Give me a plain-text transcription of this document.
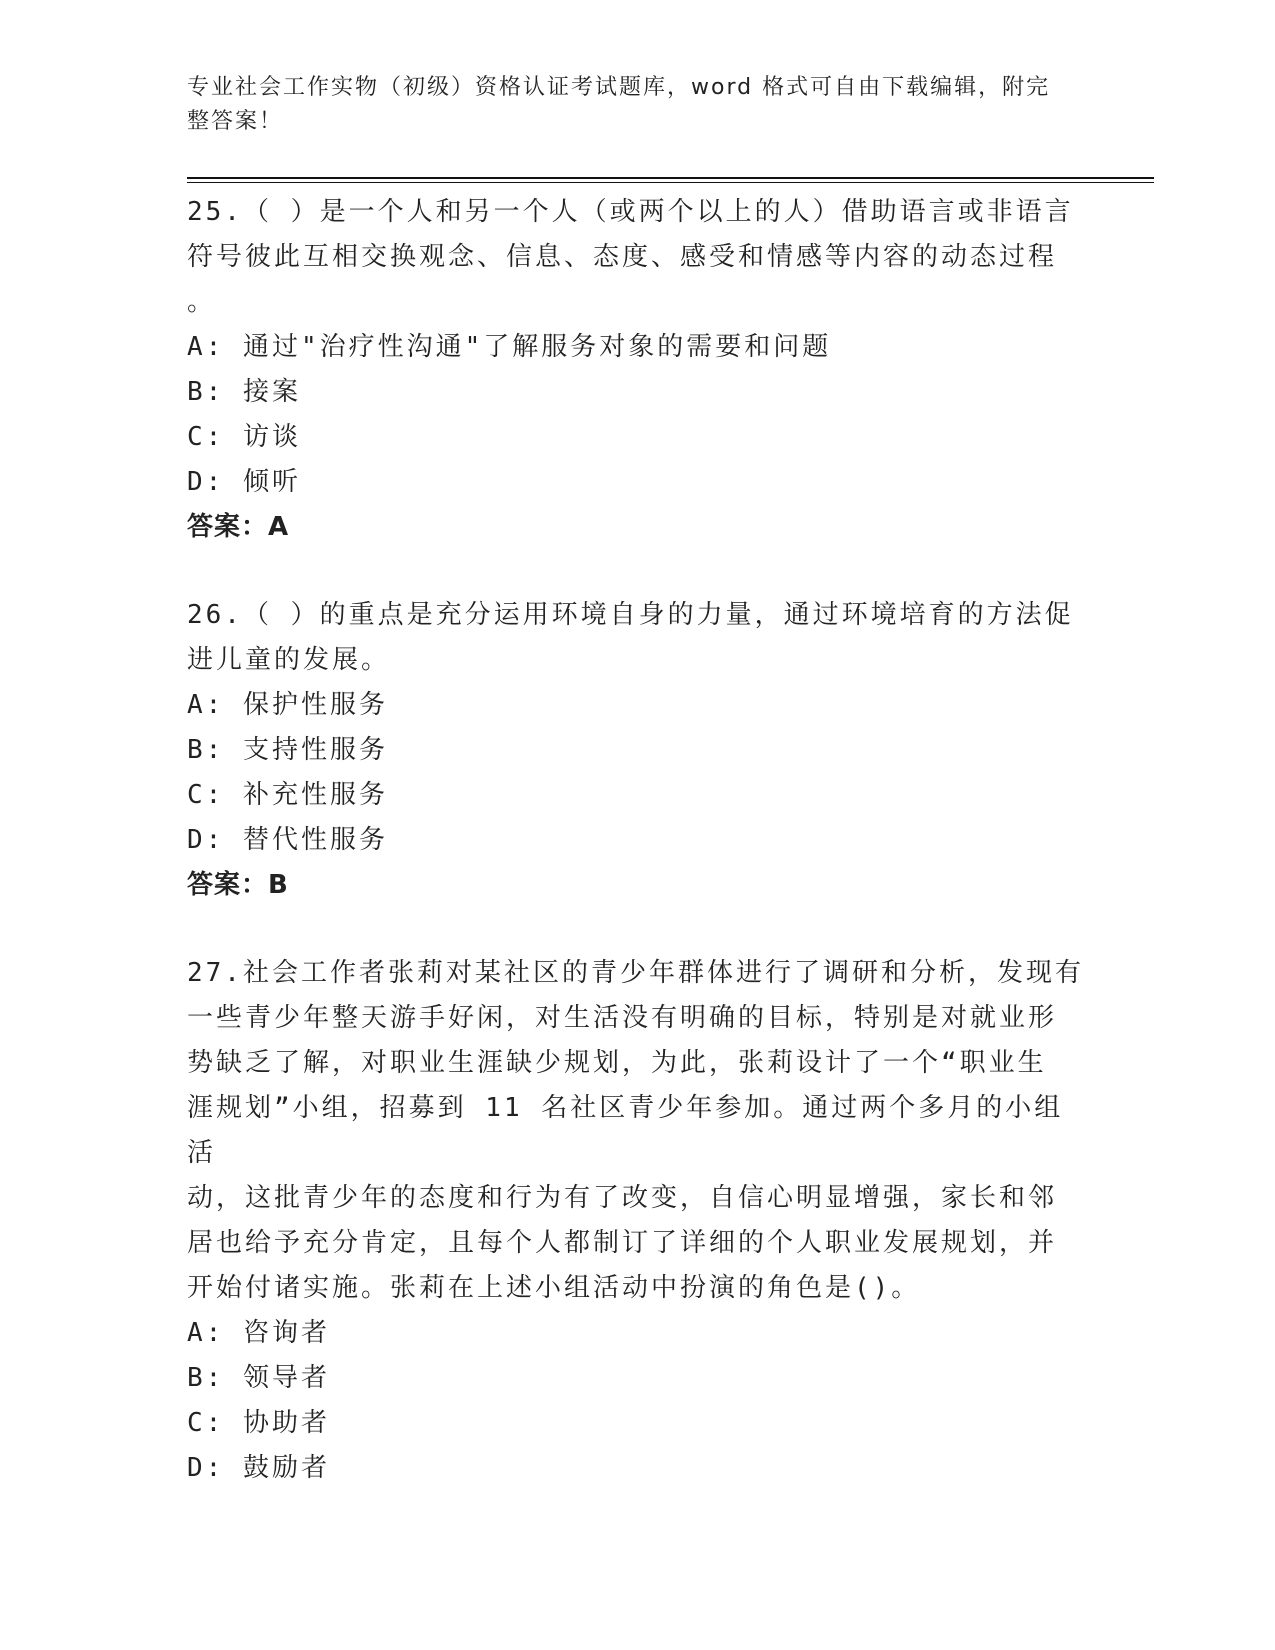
专业社会工作实物（初级）资格认证考试题库，word 格式可自由下载编辑，附完整答案！

25.（ ）是一个人和另一个人（或两个以上的人）借助语言或非语言
符号彼此互相交换观念、信息、态度、感受和情感等内容的动态过程
。

A: 通过"治疗性沟通"了解服务对象的需要和问题

B: 接案

C: 访谈

D: 倾听

答案：A

26.（ ）的重点是充分运用环境自身的力量，通过环境培育的方法促
进儿童的发展。

A: 保护性服务

B: 支持性服务

C: 补充性服务

D: 替代性服务

答案：B

27.社会工作者张莉对某社区的青少年群体进行了调研和分析，发现有
一些青少年整天游手好闲，对生活没有明确的目标，特别是对就业形
势缺乏了解，对职业生涯缺少规划，为此，张莉设计了一个“职业生
涯规划”小组，招募到 11 名社区青少年参加。通过两个多月的小组活
动，这批青少年的态度和行为有了改变，自信心明显增强，家长和邻
居也给予充分肯定，且每个人都制订了详细的个人职业发展规划，并
开始付诸实施。张莉在上述小组活动中扮演的角色是()。

A: 咨询者

B: 领导者

C: 协助者

D: 鼓励者
